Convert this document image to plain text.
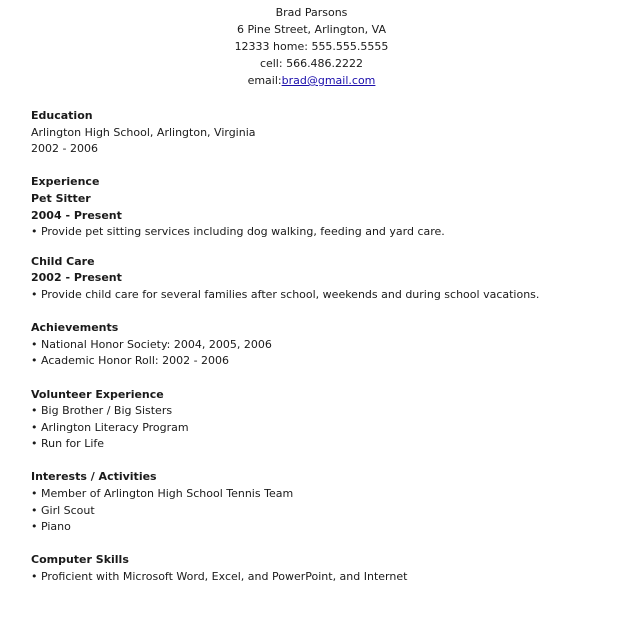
Brad Parsons
6 Pine Street, Arlington, VA
12333 home: 555.555.5555
cell: 566.486.2222
email:brad@gmail.com
Education
Arlington High School, Arlington, Virginia
2002 - 2006
Experience
Pet Sitter
2004 - Present
• Provide pet sitting services including dog walking, feeding and yard care.
Child Care
2002 - Present
• Provide child care for several families after school, weekends and during school vacations.
Achievements
• National Honor Society: 2004, 2005, 2006
• Academic Honor Roll: 2002 - 2006
Volunteer Experience
• Big Brother / Big Sisters
• Arlington Literacy Program
• Run for Life
Interests / Activities
• Member of Arlington High School Tennis Team
• Girl Scout
• Piano
Computer Skills
• Proficient with Microsoft Word, Excel, and PowerPoint, and Internet
